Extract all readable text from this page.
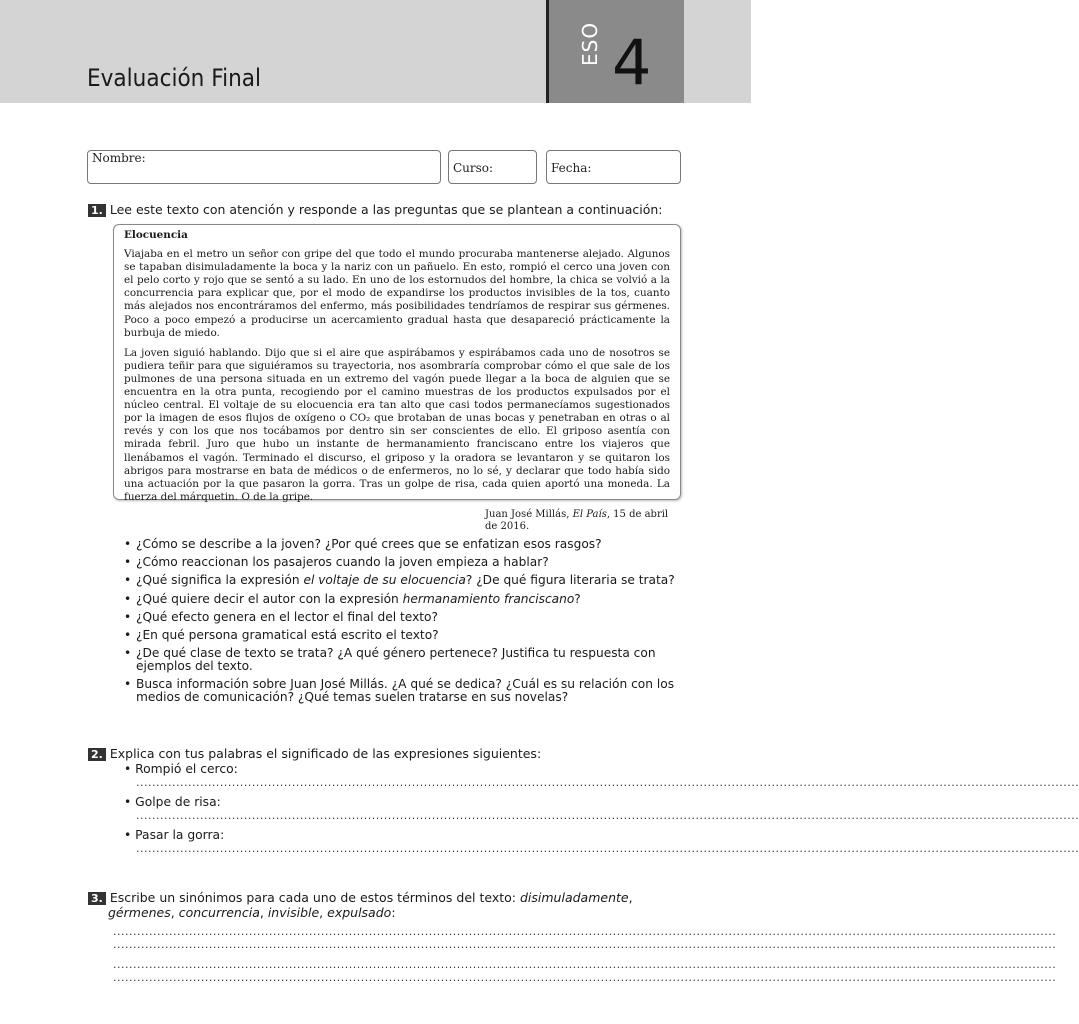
ESO 4
Evaluación Final
Nombre:
Curso:	Fecha:
1. Lee este texto con atención y responde a las preguntas que se plantean a continuación:
Elocuencia

Viajaba en el metro un señor con gripe del que todo el mundo procuraba mantenerse alejado. Algunos se tapaban disimuladamente la boca y la nariz con un pañuelo. En esto, rompió el cerco una joven con el pelo corto y rojo que se sentó a su lado. En uno de los estornudos del hombre, la chica se volvió a la concurrencia para explicar que, por el modo de expandirse los productos invisibles de la tos, cuanto más alejados nos encontráramos del enfermo, más posibilidades tendríamos de respirar sus gérmenes. Poco a poco empezó a producirse un acercamiento gradual hasta que desapareció prácticamente la burbuja de miedo.

La joven siguió hablando. Dijo que si el aire que aspirábamos y espirábamos cada uno de nosotros se pudiera teñir para que siguiéramos su trayectoria, nos asombraría comprobar cómo el que sale de los pulmones de una persona situada en un extremo del vagón puede llegar a la boca de alguien que se encuentra en la otra punta, recogiendo por el camino muestras de los productos expulsados por el núcleo central. El voltaje de su elocuencia era tan alto que casi todos permanecíamos sugestionados por la imagen de esos flujos de oxígeno o CO₂ que brotaban de unas bocas y penetraban en otras o al revés y con los que nos tocábamos por dentro sin ser conscientes de ello. El griposo asentía con mirada febril. Juro que hubo un instante de hermanamiento franciscano entre los viajeros que llenábamos el vagón. Terminado el discurso, el griposo y la oradora se levantaron y se quitaron los abrigos para mostrarse en bata de médicos o de enfermeros, no lo sé, y declarar que todo había sido una actuación por la que pasaron la gorra. Tras un golpe de risa, cada quien aportó una moneda. La fuerza del márquetin. O de la gripe.

Juan José Millás, El País, 15 de abril de 2016.
• ¿Cómo se describe a la joven? ¿Por qué crees que se enfatizan esos rasgos?
• ¿Cómo reaccionan los pasajeros cuando la joven empieza a hablar?
• ¿Qué significa la expresión el voltaje de su elocuencia? ¿De qué figura literaria se trata?
• ¿Qué quiere decir el autor con la expresión hermanamiento franciscano?
• ¿Qué efecto genera en el lector el final del texto?
• ¿En qué persona gramatical está escrito el texto?
• ¿De qué clase de texto se trata? ¿A qué género pertenece? Justifica tu respuesta con ejemplos del texto.
• Busca información sobre Juan José Millás. ¿A qué se dedica? ¿Cuál es su relación con los medios de comunicación? ¿Qué temas suelen tratarse en sus novelas?
2. Explica con tus palabras el significado de las expresiones siguientes:
• Rompió el cerco:
............................................................................................................................................................................................................................................
• Golpe de risa:
............................................................................................................................................................................................................................................
• Pasar la gorra:
............................................................................................................................................................................................................................................
3. Escribe un sinónimos para cada uno de estos términos del texto: disimuladamente,
gérmenes, concurrencia, invisible, expulsado:
............................................................................................................................................................................................................................................
............................................................................................................................................................................................................................................
............................................................................................................................................................................................................................................
............................................................................................................................................................................................................................................
